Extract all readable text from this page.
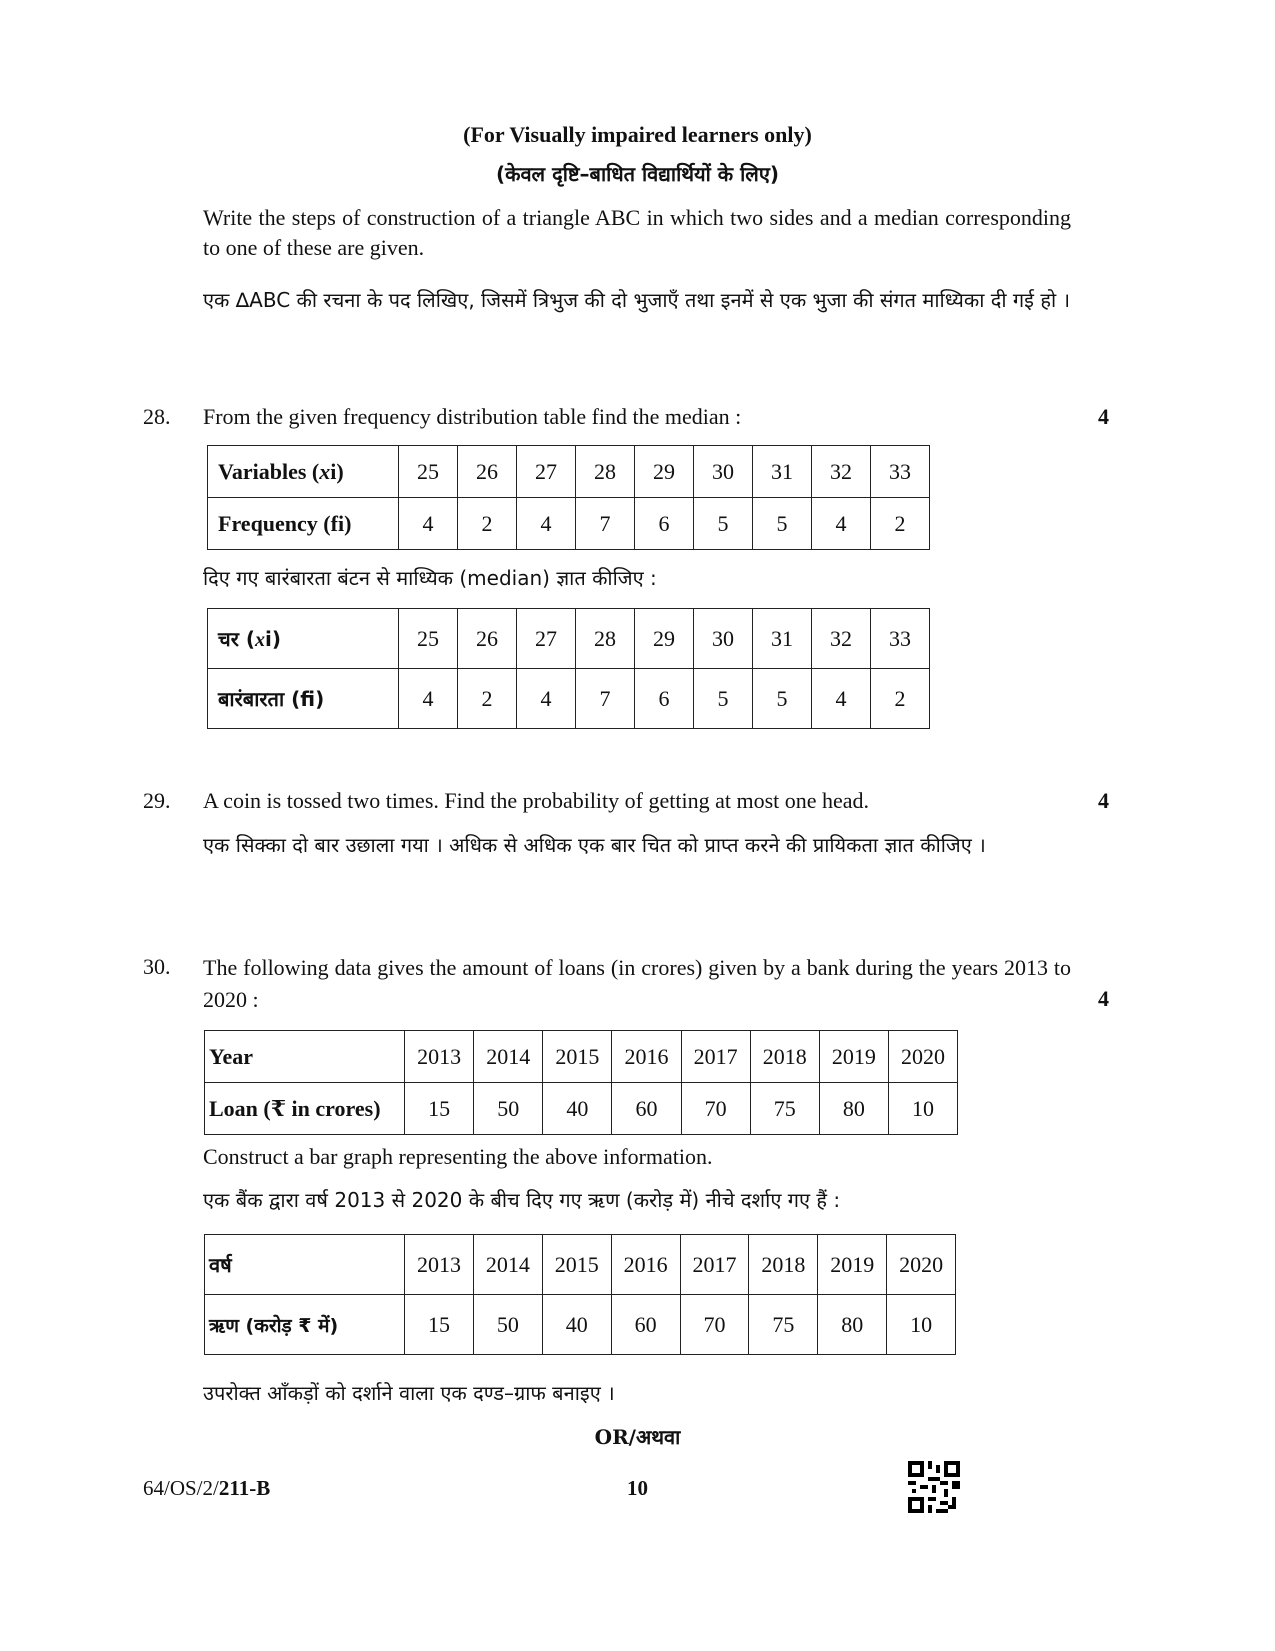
(For Visually impaired learners only)
(केवल दृष्टि–बाधित विद्यार्थियों के लिए)
Write the steps of construction of a triangle ABC in which two sides and a median corresponding to one of these are given.
एक ∆ABC की रचना के पद लिखिए, जिसमें त्रिभुज की दो भुजाएँ तथा इनमें से एक भुजा की संगत माध्यिका दी गई हो ।
28. From the given frequency distribution table find the median :	4
Variables (xi)	25	26	27	28	29	30	31	32	33
Frequency (fi)	4	2	4	7	6	5	5	4	2
दिए गए बारंबारता बंटन से माध्यिक (median) ज्ञात कीजिए :
चर (xi)	25	26	27	28	29	30	31	32	33
बारंबारता (fi)	4	2	4	7	6	5	5	4	2
29. A coin is tossed two times. Find the probability of getting at most one head.	4
एक सिक्का दो बार उछाला गया । अधिक से अधिक एक बार चित को प्राप्त करने की प्रायिकता ज्ञात कीजिए ।
30. The following data gives the amount of loans (in crores) given by a bank during the years 2013 to 2020 :	4
Year	2013	2014	2015	2016	2017	2018	2019	2020
Loan (₹ in crores)	15	50	40	60	70	75	80	10
Construct a bar graph representing the above information.
एक बैंक द्वारा वर्ष 2013 से 2020 के बीच दिए गए ऋण (करोड़ में) नीचे दर्शाए गए हैं :
वर्ष	2013	2014	2015	2016	2017	2018	2019	2020
ऋण (करोड़ ₹ में)	15	50	40	60	70	75	80	10
उपरोक्त आँकड़ों को दर्शाने वाला एक दण्ड–ग्राफ बनाइए ।
OR/अथवा
64/OS/2/211-B	10
